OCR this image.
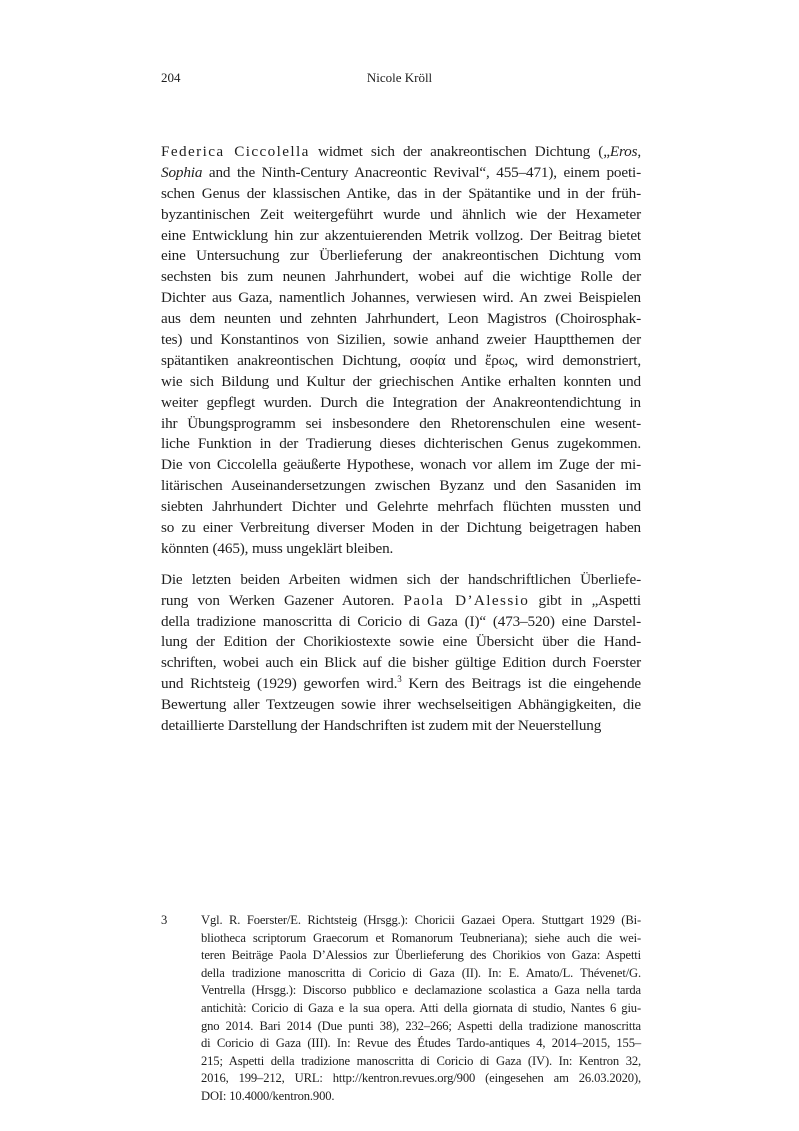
204	Nicole Kröll
Federica Ciccolella widmet sich der anakreontischen Dichtung („Eros,
Sophia and the Ninth-Century Anacreontic Revival“, 455–471), einem poeti-
schen Genus der klassischen Antike, das in der Spätantike und in der früh-
byzantinischen Zeit weitergeführt wurde und ähnlich wie der Hexameter
eine Entwicklung hin zur akzentuierenden Metrik vollzog. Der Beitrag bietet
eine Untersuchung zur Überlieferung der anakreontischen Dichtung vom
sechsten bis zum neunen Jahrhundert, wobei auf die wichtige Rolle der
Dichter aus Gaza, namentlich Johannes, verwiesen wird. An zwei Beispielen
aus dem neunten und zehnten Jahrhundert, Leon Magistros (Choirosphak-
tes) und Konstantinos von Sizilien, sowie anhand zweier Hauptthemen der
spätantiken anakreontischen Dichtung, σοφία und ἔρως, wird demonstriert,
wie sich Bildung und Kultur der griechischen Antike erhalten konnten und
weiter gepflegt wurden. Durch die Integration der Anakreontendichtung in
ihr Übungsprogramm sei insbesondere den Rhetorenschulen eine wesent-
liche Funktion in der Tradierung dieses dichterischen Genus zugekommen.
Die von Ciccolella geäußerte Hypothese, wonach vor allem im Zuge der mi-
litärischen Auseinandersetzungen zwischen Byzanz und den Sasaniden im
siebten Jahrhundert Dichter und Gelehrte mehrfach flüchten mussten und
so zu einer Verbreitung diverser Moden in der Dichtung beigetragen haben
könnten (465), muss ungeklärt bleiben.
Die letzten beiden Arbeiten widmen sich der handschriftlichen Überliefe-
rung von Werken Gazener Autoren. Paola D’Alessio gibt in „Aspetti
della tradizione manoscritta di Coricio di Gaza (I)“ (473–520) eine Darstel-
lung der Edition der Chorikiostexte sowie eine Übersicht über die Hand-
schriften, wobei auch ein Blick auf die bisher gültige Edition durch Foerster
und Richtsteig (1929) geworfen wird.$^3$ Kern des Beitrags ist die eingehende
Bewertung aller Textzeugen sowie ihrer wechselseitigen Abhängigkeiten, die
detaillierte Darstellung der Handschriften ist zudem mit der Neuerstellung
3	Vgl. R. Foerster/E. Richtsteig (Hrsgg.): Choricii Gazaei Opera. Stuttgart 1929 (Bi-
bliotheca scriptorum Graecorum et Romanorum Teubneriana); siehe auch die wei-
teren Beiträge Paola D’Alessios zur Überlieferung des Chorikios von Gaza: Aspetti
della tradizione manoscritta di Coricio di Gaza (II). In: E. Amato/L. Thévenet/G.
Ventrella (Hrsgg.): Discorso pubblico e declamazione scolastica a Gaza nella tarda
antichità: Coricio di Gaza e la sua opera. Atti della giornata di studio, Nantes 6 giu-
gno 2014. Bari 2014 (Due punti 38), 232–266; Aspetti della tradizione manoscritta
di Coricio di Gaza (III). In: Revue des Études Tardo-antiques 4, 2014–2015, 155–
215; Aspetti della tradizione manoscritta di Coricio di Gaza (IV). In: Kentron 32,
2016, 199–212, URL: http://kentron.revues.org/900 (eingesehen am 26.03.2020),
DOI: 10.4000/kentron.900.
